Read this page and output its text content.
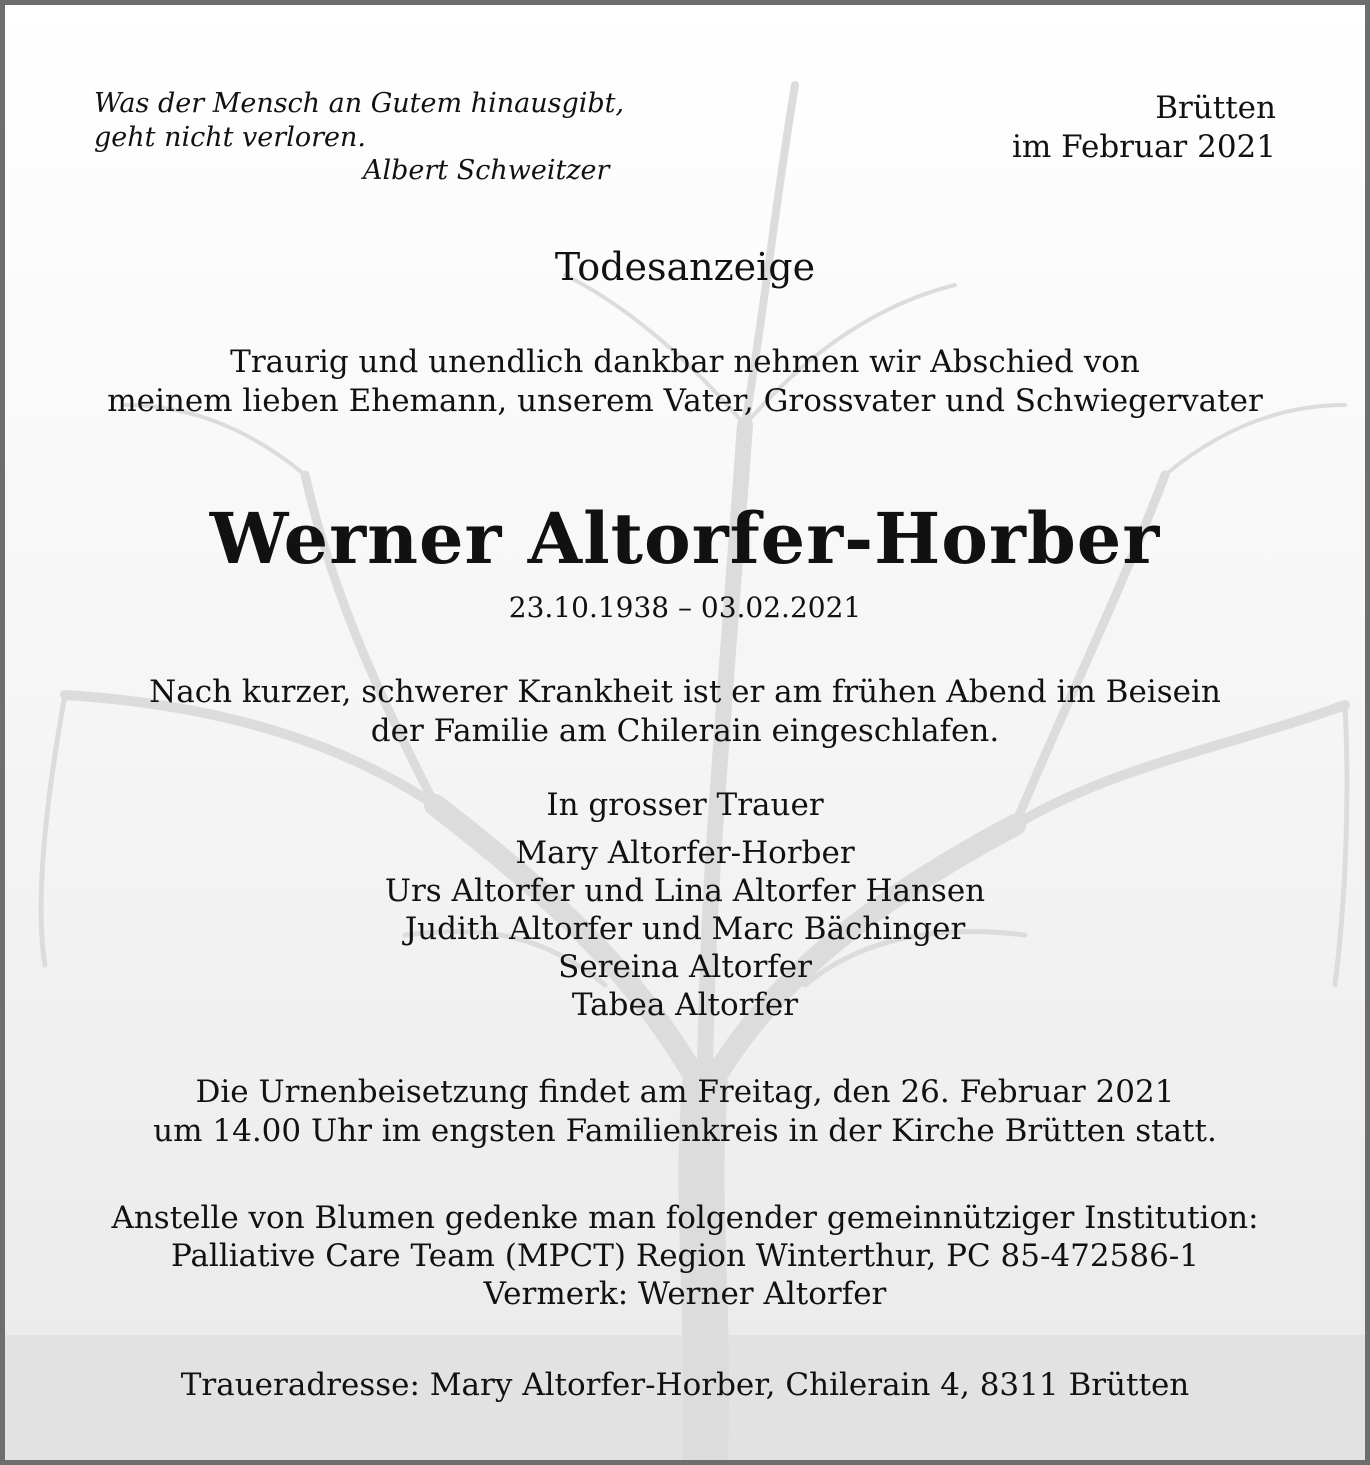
Was der Mensch an Gutem hinausgibt,
geht nicht verloren.
Albert Schweitzer
Brütten
im Februar 2021
Todesanzeige
Traurig und unendlich dankbar nehmen wir Abschied von
meinem lieben Ehemann, unserem Vater, Grossvater und Schwiegervater
Werner Altorfer-Horber
23.10.1938 – 03.02.2021
Nach kurzer, schwerer Krankheit ist er am frühen Abend im Beisein
der Familie am Chilerain eingeschlafen.
In grosser Trauer
Mary Altorfer-Horber
Urs Altorfer und Lina Altorfer Hansen
Judith Altorfer und Marc Bächinger
Sereina Altorfer
Tabea Altorfer
Die Urnenbeisetzung findet am Freitag, den 26. Februar 2021
um 14.00 Uhr im engsten Familienkreis in der Kirche Brütten statt.
Anstelle von Blumen gedenke man folgender gemeinnütziger Institution:
Palliative Care Team (MPCT) Region Winterthur, PC 85-472586-1
Vermerk: Werner Altorfer
Traueradresse: Mary Altorfer-Horber, Chilerain 4, 8311 Brütten
